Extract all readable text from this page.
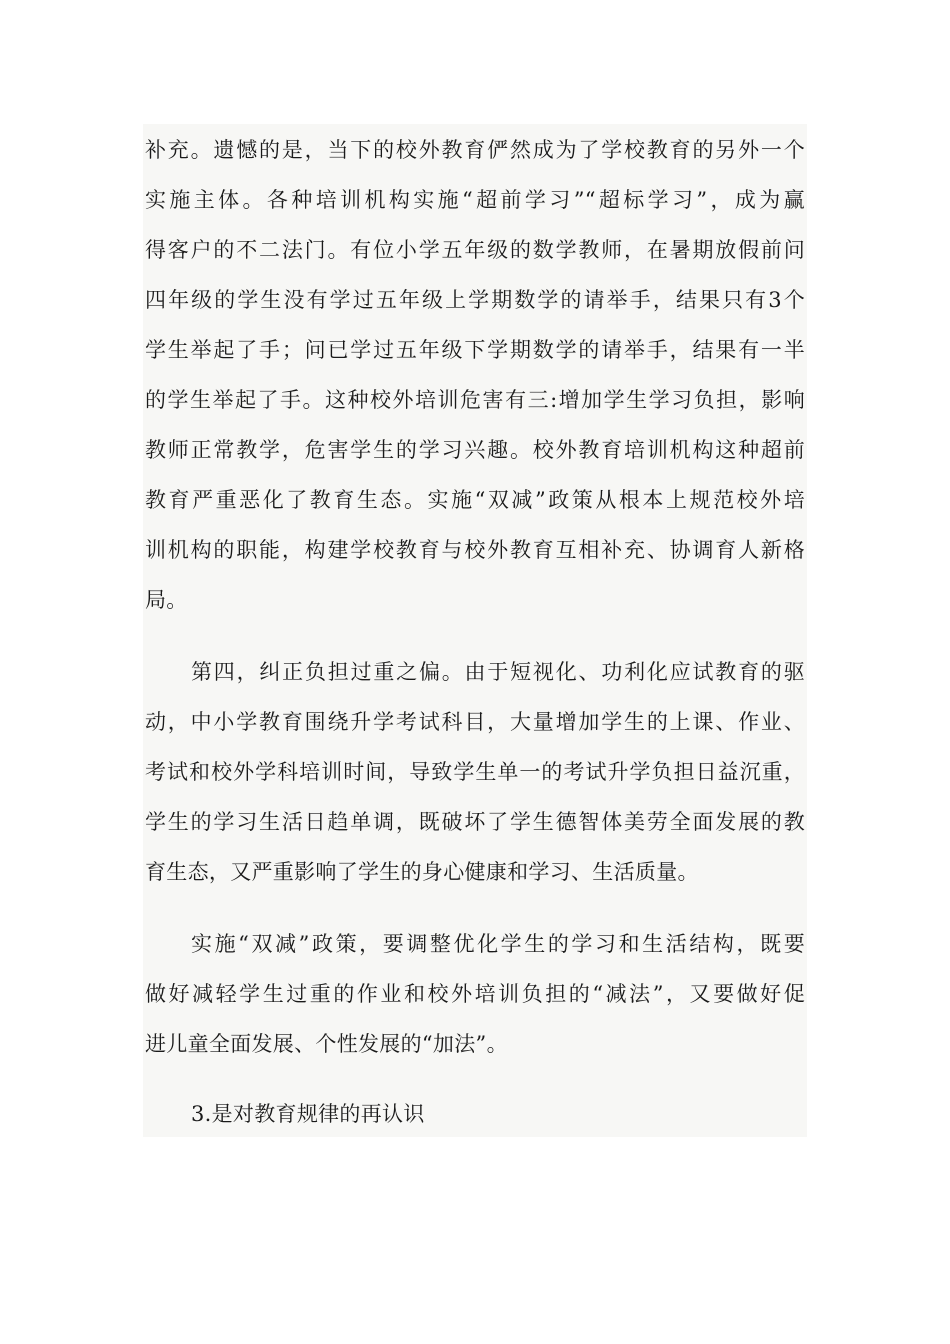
补充。遗憾的是，当下的校外教育俨然成为了学校教育的另外一个
实施主体。各种培训机构实施“超前学习”“超标学习”，成为赢
得客户的不二法门。有位小学五年级的数学教师，在暑期放假前问
四年级的学生没有学过五年级上学期数学的请举手，结果只有3个
学生举起了手；问已学过五年级下学期数学的请举手，结果有一半
的学生举起了手。这种校外培训危害有三:增加学生学习负担，影响
教师正常教学，危害学生的学习兴趣。校外教育培训机构这种超前
教育严重恶化了教育生态。实施“双减”政策从根本上规范校外培
训机构的职能，构建学校教育与校外教育互相补充、协调育人新格
局。
第四，纠正负担过重之偏。由于短视化、功利化应试教育的驱
动，中小学教育围绕升学考试科目，大量增加学生的上课、作业、
考试和校外学科培训时间，导致学生单一的考试升学负担日益沉重，
学生的学习生活日趋单调，既破坏了学生德智体美劳全面发展的教
育生态，又严重影响了学生的身心健康和学习、生活质量。
实施“双减”政策，要调整优化学生的学习和生活结构，既要
做好减轻学生过重的作业和校外培训负担的“减法”，又要做好促
进儿童全面发展、个性发展的“加法”。
3.是对教育规律的再认识
